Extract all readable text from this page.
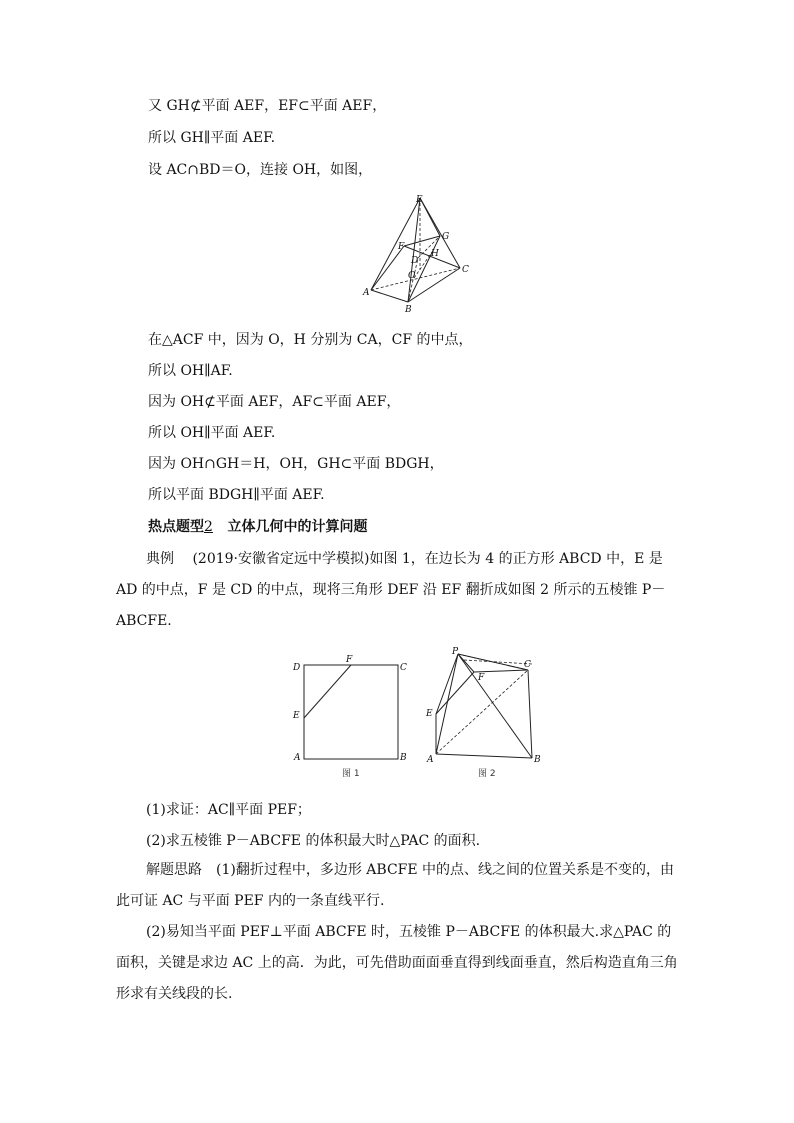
又 GH⊄平面 AEF，EF⊂平面 AEF，
所以 GH∥平面 AEF.
设 AC∩BD＝O，连接 OH，如图，
E
F
G
H
D
O
A
B
C
在△ACF 中，因为 O，H 分别为 CA，CF 的中点，
所以 OH∥AF.
因为 OH⊄平面 AEF，AF⊂平面 AEF，
所以 OH∥平面 AEF.
因为 OH∩GH＝H，OH，GH⊂平面 BDGH，
所以平面 BDGH∥平面 AEF.
热点题型2 立体几何中的计算问题
典例　 (2019·安徽省定远中学模拟)如图 1，在边长为 4 的正方形 ABCD 中，E 是 AD 的中点，F 是 CD 的中点，现将三角形 DEF 沿 EF 翻折成如图 2 所示的五棱锥 P－ABCFE.
D
F
C
E
A	B
图 1
P
C
F
E
A	B
图 2
(1)求证：AC∥平面 PEF；
(2)求五棱锥 P－ABCFE 的体积最大时△PAC 的面积.
解题思路　(1)翻折过程中，多边形 ABCFE 中的点、线之间的位置关系是不变的，由此可证 AC 与平面 PEF 内的一条直线平行.
(2)易知当平面 PEF⊥平面 ABCFE 时，五棱锥 P－ABCFE 的体积最大.求△PAC 的面积，关键是求边 AC 上的高．为此，可先借助面面垂直得到线面垂直，然后构造直角三角形求有关线段的长.
